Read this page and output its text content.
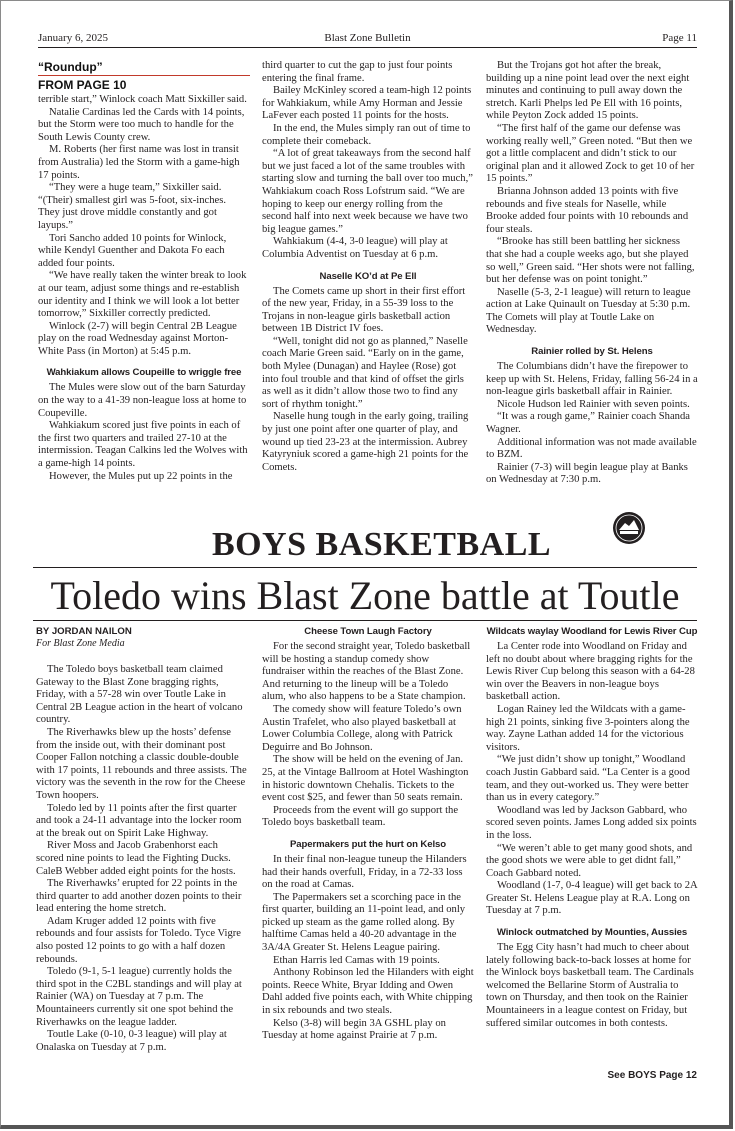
January 6, 2025	Blast Zone Bulletin	Page 11
“Roundup”
FROM PAGE 10

terrible start,” Winlock coach Matt Sixkiller said.

Natalie Cardinas led the Cards with 14 points, but the Storm were too much to handle for the South Lewis County crew.

M. Roberts (her first name was lost in transit from Australia) led the Storm with a game-high 17 points.

“They were a huge team,” Sixkiller said. “(Their) smallest girl was 5-foot, six-inches. They just drove middle constantly and got layups.”

Tori Sancho added 10 points for Winlock, while Kendyl Guenther and Dakota Fo each added four points.

“We have really taken the winter break to look at our team, adjust some things and re-establish our identity and I think we will look a lot better tomorrow,” Sixkiller correctly predicted.

Winlock (2-7) will begin Central 2B League play on the road Wednesday against Morton-White Pass (in Morton) at 5:45 p.m.

Wahkiakum allows Coupeille to wriggle free

The Mules were slow out of the barn Saturday on the way to a 41-39 non-league loss at home to Coupeville.

Wahkiakum scored just five points in each of the first two quarters and trailed 27-10 at the intermission. Teagan Calkins led the Wolves with a game-high 14 points.

However, the Mules put up 22 points in the

third quarter to cut the gap to just four points entering the final frame.

Bailey McKinley scored a team-high 12 points for Wahkiakum, while Amy Horman and Jessie LaFever each posted 11 points for the hosts.

In the end, the Mules simply ran out of time to complete their comeback.

“A lot of great takeaways from the second half but we just faced a lot of the same troubles with starting slow and turning the ball over too much,” Wahkiakum coach Ross Lofstrum said. “We are hoping to keep our energy rolling from the second half into next week because we have two big league games.”

Wahkiakum (4-4, 3-0 league) will play at Columbia Adventist on Tuesday at 6 p.m.

Naselle KO’d at Pe Ell

The Comets came up short in their first effort of the new year, Friday, in a 55-39 loss to the Trojans in non-league girls basketball action between 1B District IV foes.

“Well, tonight did not go as planned,” Naselle coach Marie Green said. “Early on in the game, both Mylee (Dunagan) and Haylee (Rose) got into foul trouble and that kind of offset the girls as well as it didn’t allow those two to find any sort of rhythm tonight.”

Naselle hung tough in the early going, trailing by just one point after one quarter of play, and wound up tied 23-23 at the intermission. Aubrey Katyryniuk scored a game-high 21 points for the Comets.

But the Trojans got hot after the break, building up a nine point lead over the next eight minutes and continuing to pull away down the stretch. Karli Phelps led Pe Ell with 16 points, while Peyton Zock added 15 points.

“The first half of the game our defense was working really well,” Green noted. “But then we got a little complacent and didn’t stick to our original plan and it allowed Zock to get 10 of her 15 points.”

Brianna Johnson added 13 points with five rebounds and five steals for Naselle, while Brooke added four points with 10 rebounds and four steals.

“Brooke has still been battling her sickness that she had a couple weeks ago, but she played so well,” Green said. “Her shots were not falling, but her defense was on point tonight.”

Naselle (5-3, 2-1 league) will return to league action at Lake Quinault on Tuesday at 5:30 p.m. The Comets will play at Toutle Lake on Wednesday.

Rainier rolled by St. Helens

The Columbians didn’t have the firepower to keep up with St. Helens, Friday, falling 56-24 in a non-league girls basketball affair in Rainier.

Nicole Hudson led Rainier with seven points.

“It was a rough game,” Rainier coach Shanda Wagner.

Additional information was not made available to BZM.

Rainier (7-3) will begin league play at Banks on Wednesday at 7:30 p.m.

BOYS BASKETBALL
Toledo wins Blast Zone battle at Toutle
BY JORDAN NAILON
For Blast Zone Media

The Toledo boys basketball team claimed Gateway to the Blast Zone bragging rights, Friday, with a 57-28 win over Toutle Lake in Central 2B League action in the heart of volcano country.

The Riverhawks blew up the hosts’ defense from the inside out, with their dominant post Cooper Fallon notching a classic double-double with 17 points, 11 rebounds and three assists. The victory was the seventh in the row for the Cheese Town hoopers.

Toledo led by 11 points after the first quarter and took a 24-11 advantage into the locker room at the break out on Spirit Lake Highway.

River Moss and Jacob Grabenhorst each scored nine points to lead the Fighting Ducks. CaleB Webber added eight points for the hosts.

The Riverhawks’ erupted for 22 points in the third quarter to add another dozen points to their lead entering the home stretch.

Adam Kruger added 12 points with five rebounds and four assists for Toledo. Tyce Vigre also posted 12 points to go with a half dozen rebounds.

Toledo (9-1, 5-1 league) currently holds the third spot in the C2BL standings and will play at Rainier (WA) on Tuesday at 7 p.m. The Mountaineers currently sit one spot behind the Riverhawks on the league ladder.

Toutle Lake (0-10, 0-3 league) will play at Onalaska on Tuesday at 7 p.m.

Cheese Town Laugh Factory

For the second straight year, Toledo basketball will be hosting a standup comedy show fundraiser within the reaches of the Blast Zone. And returning to the lineup will be a Toledo alum, who also happens to be a State champion.

The comedy show will feature Toledo’s own Austin Trafelet, who also played basketball at Lower Columbia College, along with Patrick Deguirre and Bo Johnson.

The show will be held on the evening of Jan. 25, at the Vintage Ballroom at Hotel Washington in historic downtown Chehalis. Tickets to the event cost $25, and fewer than 50 seats remain.

Proceeds from the event will go support the Toledo boys basketball team.

Papermakers put the hurt on Kelso

In their final non-league tuneup the Hilanders had their hands overfull, Friday, in a 72-33 loss on the road at Camas.

The Papermakers set a scorching pace in the first quarter, building an 11-point lead, and only picked up steam as the game rolled along. By halftime Camas held a 40-20 advantage in the 3A/4A Greater St. Helens League pairing.

Ethan Harris led Camas with 19 points.

Anthony Robinson led the Hilanders with eight points. Reece White, Bryar Idding and Owen Dahl added five points each, with White chipping in six rebounds and two steals.

Kelso (3-8) will begin 3A GSHL play on Tuesday at home against Prairie at 7 p.m.

Wildcats waylay Woodland for Lewis River Cup

La Center rode into Woodland on Friday and left no doubt about where bragging rights for the Lewis River Cup belong this season with a 64-28 win over the Beavers in non-league boys basketball action.

Logan Rainey led the Wildcats with a game-high 21 points, sinking five 3-pointers along the way. Zayne Lathan added 14 for the victorious visitors.

“We just didn’t show up tonight,” Woodland coach Justin Gabbard said. “La Center is a good team, and they out-worked us. They were better than us in every category.”

Woodland was led by Jackson Gabbard, who scored seven points. James Long added six points in the loss.

“We weren’t able to get many good shots, and the good shots we were able to get didnt fall,” Coach Gabbard noted.

Woodland (1-7, 0-4 league) will get back to 2A Greater St. Helens League play at R.A. Long on Tuesday at 7 p.m.

Winlock outmatched by Mounties, Aussies

The Egg City hasn’t had much to cheer about lately following back-to-back losses at home for the Winlock boys basketball team. The Cardinals welcomed the Bellarine Storm of Australia to town on Thursday, and then took on the Rainier Mountaineers in a league contest on Friday, but suffered similar outcomes in both contests.

See BOYS Page 12
